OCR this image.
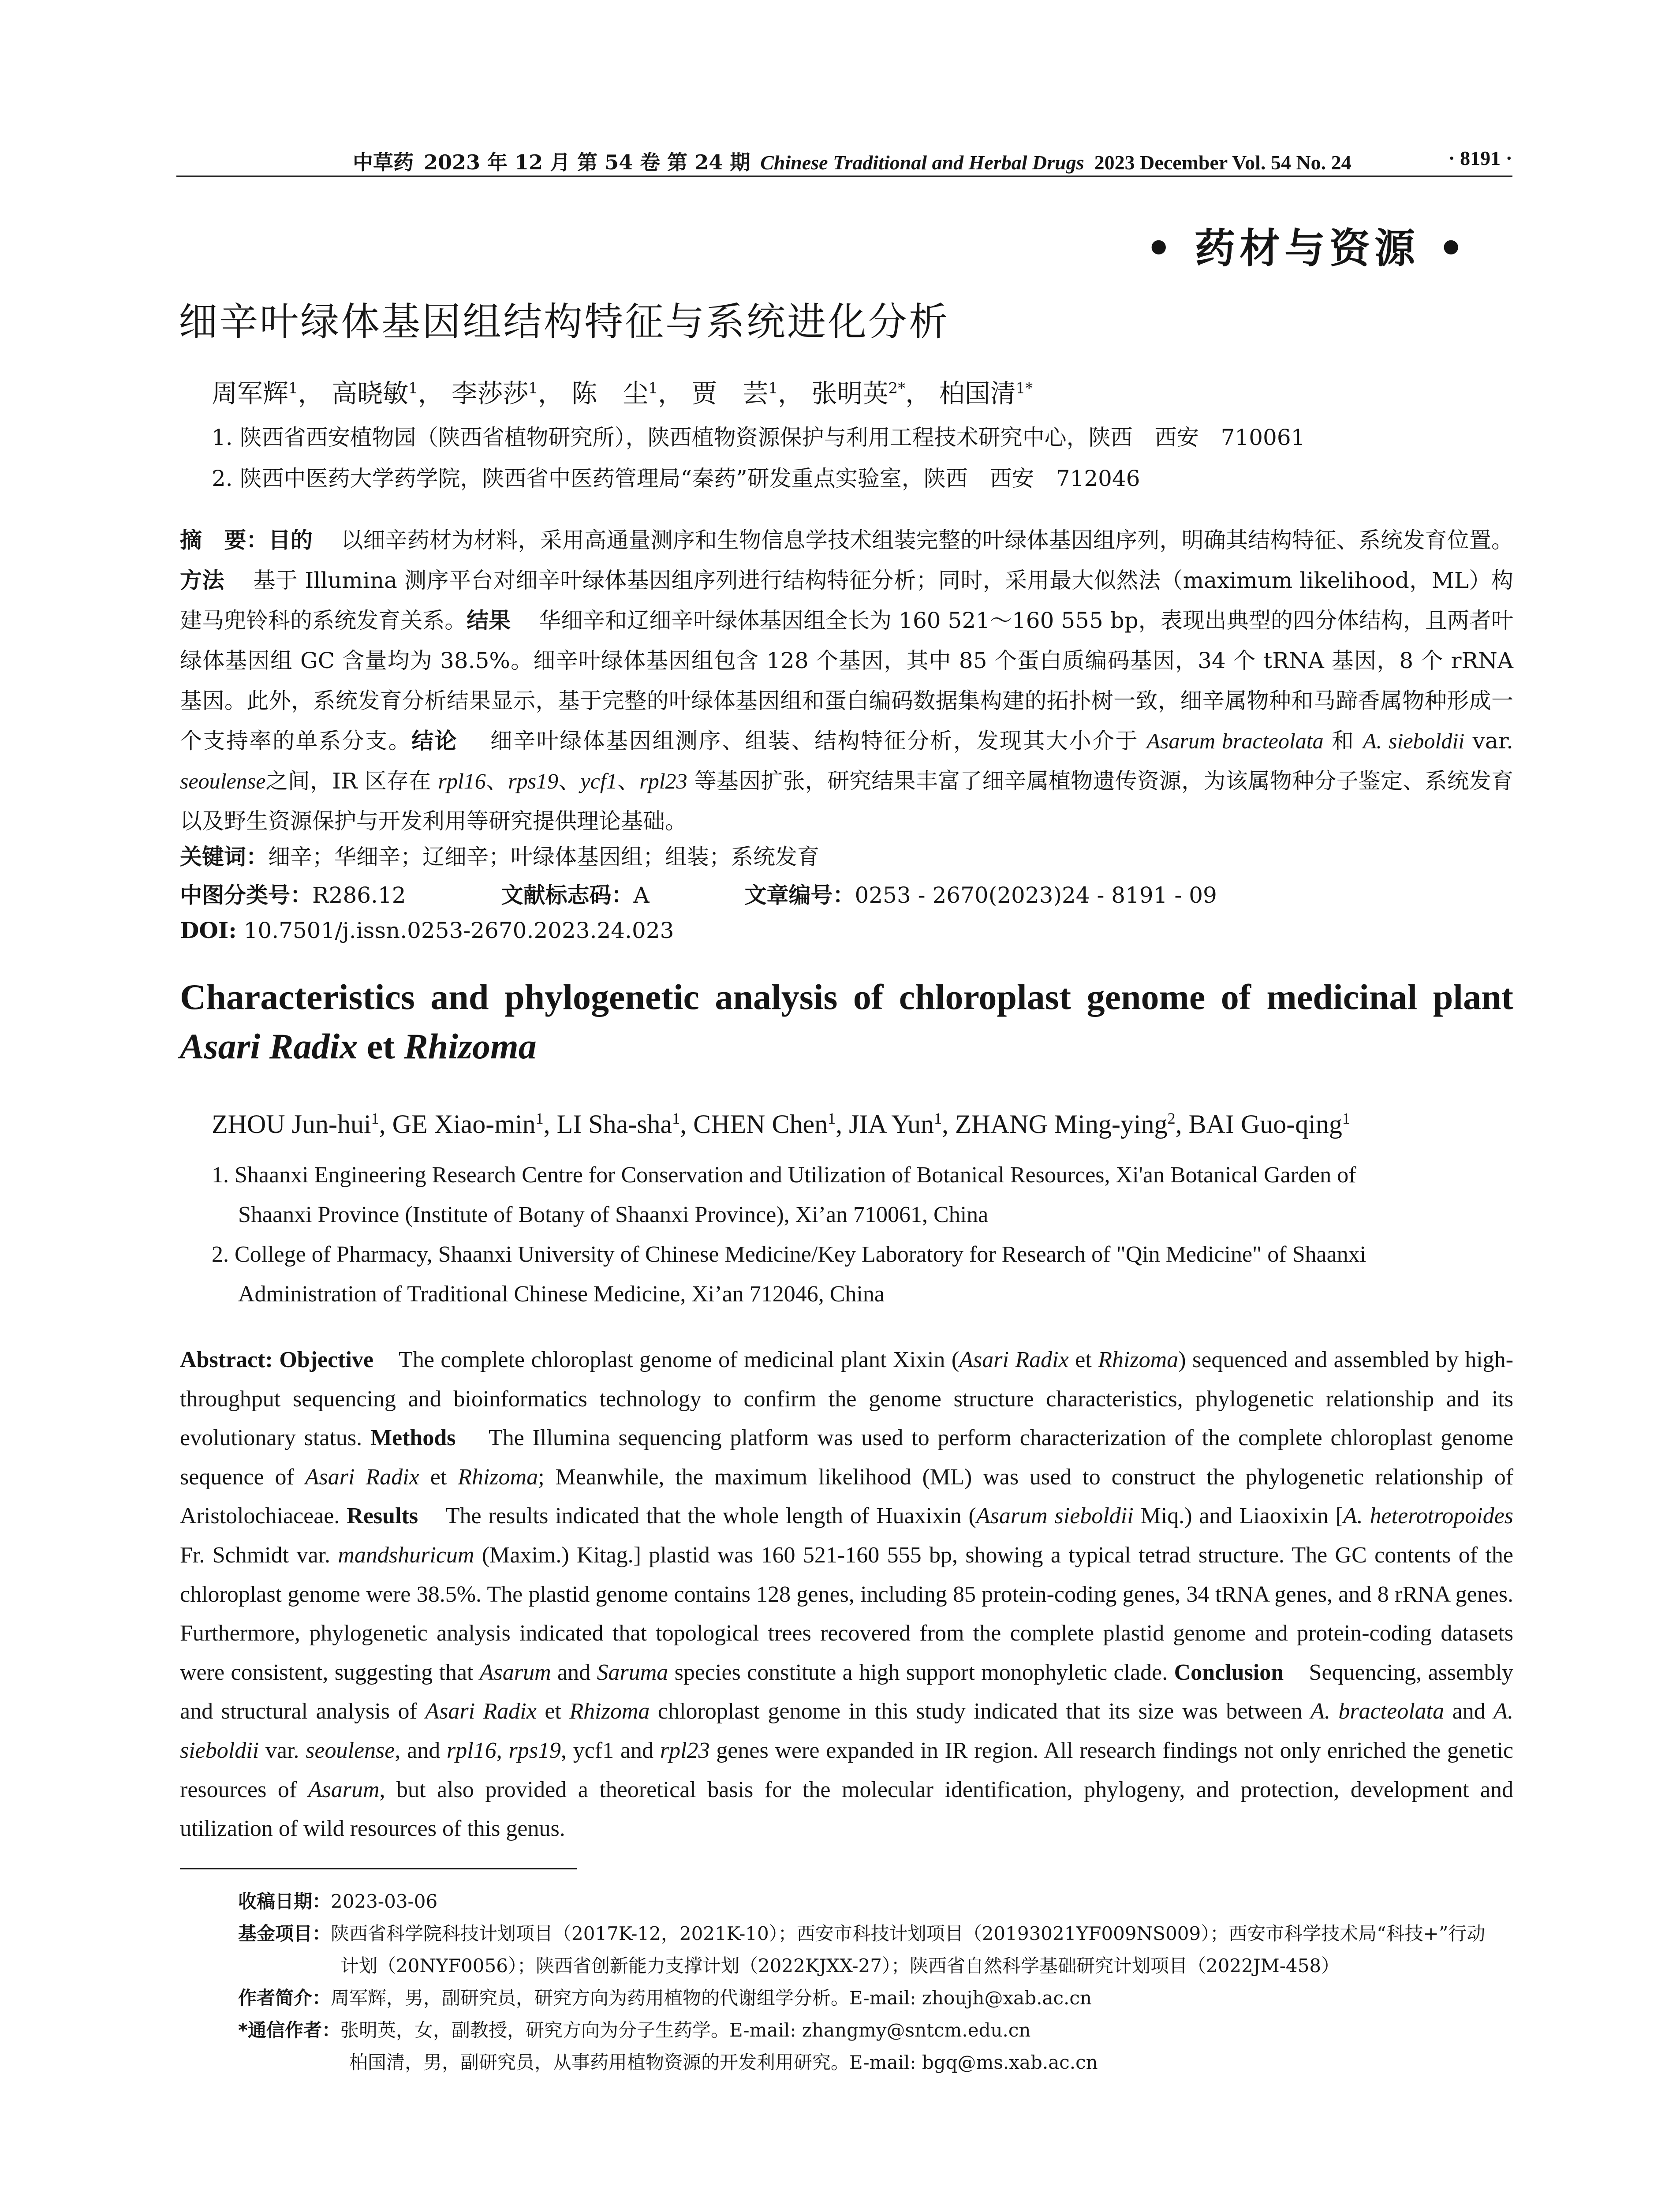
中草药 2023 年 12 月 第 54 卷 第 24 期 Chinese Traditional and Herbal Drugs 2023 December Vol. 54 No. 24	· 8191 ·
• 药材与资源 •
细辛叶绿体基因组结构特征与系统进化分析
周军辉$^1$， 高晓敏$^1$， 李莎莎$^1$， 陈　尘$^1$， 贾　芸$^1$， 张明英$^{2*}$， 柏国清$^{1*}$
1. 陕西省西安植物园（陕西省植物研究所），陕西植物资源保护与利用工程技术研究中心，陕西　西安　710061
2. 陕西中医药大学药学院，陕西省中医药管理局“秦药”研发重点实验室，陕西　西安　712046
摘　要：目的 以细辛药材为材料，采用高通量测序和生物信息学技术组装完整的叶绿体基因组序列，明确其结构特征、系统发育位置。方法 基于 Illumina 测序平台对细辛叶绿体基因组序列进行结构特征分析；同时，采用最大似然法（maximum likelihood，ML）构建马兜铃科的系统发育关系。结果 华细辛和辽细辛叶绿体基因组全长为 160 521～160 555 bp，表现出典型的四分体结构，且两者叶绿体基因组 GC 含量均为 38.5%。细辛叶绿体基因组包含 128 个基因，其中 85 个蛋白质编码基因，34 个 tRNA 基因，8 个 rRNA 基因。此外，系统发育分析结果显示，基于完整的叶绿体基因组和蛋白编码数据集构建的拓扑树一致，细辛属物种和马蹄香属物种形成一个支持率的单系分支。结论 细辛叶绿体基因组测序、组装、结构特征分析，发现其大小介于 Asarum bracteolata 和 A. sieboldii var. seoulense之间，IR 区存在 rpl16、rps19、ycf1、rpl23 等基因扩张，研究结果丰富了细辛属植物遗传资源，为该属物种分子鉴定、系统发育以及野生资源保护与开发利用等研究提供理论基础。
关键词：细辛；华细辛；辽细辛；叶绿体基因组；组装；系统发育
中图分类号：R286.12	文献标志码：A	文章编号：0253 - 2670(2023)24 - 8191 - 09
DOI: 10.7501/j.issn.0253-2670.2023.24.023
Characteristics and phylogenetic analysis of chloroplast genome of medicinal plant Asari Radix et Rhizoma
ZHOU Jun-hui$^1$, GE Xiao-$\min^1$, LI Sha-sha$^1$, CHEN Chen$^1$, JIA Yun$^1$, ZHANG Ming-ying$^2$, BAI Guo-qing$^1$
1. Shaanxi Engineering Research Centre for Conservation and Utilization of Botanical Resources, Xi'an Botanical Garden of
Shaanxi Province (Institute of Botany of Shaanxi Province), Xi’an 710061, China
2. College of Pharmacy, Shaanxi University of Chinese Medicine/Key Laboratory for Research of "Qin Medicine" of Shaanxi
Administration of Traditional Chinese Medicine, Xi’an 712046, China
Abstract: Objective The complete chloroplast genome of medicinal plant Xixin (Asari Radix et Rhizoma) sequenced and assembled by high-throughput sequencing and bioinformatics technology to confirm the genome structure characteristics, phylogenetic relationship and its evolutionary status. Methods The Illumina sequencing platform was used to perform characterization of the complete chloroplast genome sequence of Asari Radix et Rhizoma; Meanwhile, the maximum likelihood (ML) was used to construct the phylogenetic relationship of Aristolochiaceae. Results The results indicated that the whole length of Huaxixin (Asarum sieboldii Miq.) and Liaoxixin [A. heterotropoides Fr. Schmidt var. mandshuricum (Maxim.) Kitag.] plastid was 160 521-160 555 bp, showing a typical tetrad structure. The GC contents of the chloroplast genome were 38.5%. The plastid genome contains 128 genes, including 85 protein-coding genes, 34 tRNA genes, and 8 rRNA genes. Furthermore, phylogenetic analysis indicated that topological trees recovered from the complete plastid genome and protein-coding datasets were consistent, suggesting that Asarum and Saruma species constitute a high support monophyletic clade. Conclusion Sequencing, assembly and structural analysis of Asari Radix et Rhizoma chloroplast genome in this study indicated that its size was between A. bracteolata and A. sieboldii var. seoulense, and rpl16, rps19, ycf1 and rpl23 genes were expanded in IR region. All research findings not only enriched the genetic resources of Asarum, but also provided a theoretical basis for the molecular identification, phylogeny, and protection, development and utilization of wild resources of this genus.
收稿日期：2023-03-06
基金项目：陕西省科学院科技计划项目（2017K-12，2021K-10）；西安市科技计划项目（20193021YF009NS009）；西安市科学技术局“科技+”行动
计划（20NYF0056）；陕西省创新能力支撑计划（2022KJXX-27）；陕西省自然科学基础研究计划项目（2022JM-458）
作者简介：周军辉，男，副研究员，研究方向为药用植物的代谢组学分析。E-mail: zhoujh@xab.ac.cn
*通信作者：张明英，女，副教授，研究方向为分子生药学。E-mail: zhangmy@sntcm.edu.cn
柏国清，男，副研究员，从事药用植物资源的开发利用研究。E-mail: bgq@ms.xab.ac.cn
